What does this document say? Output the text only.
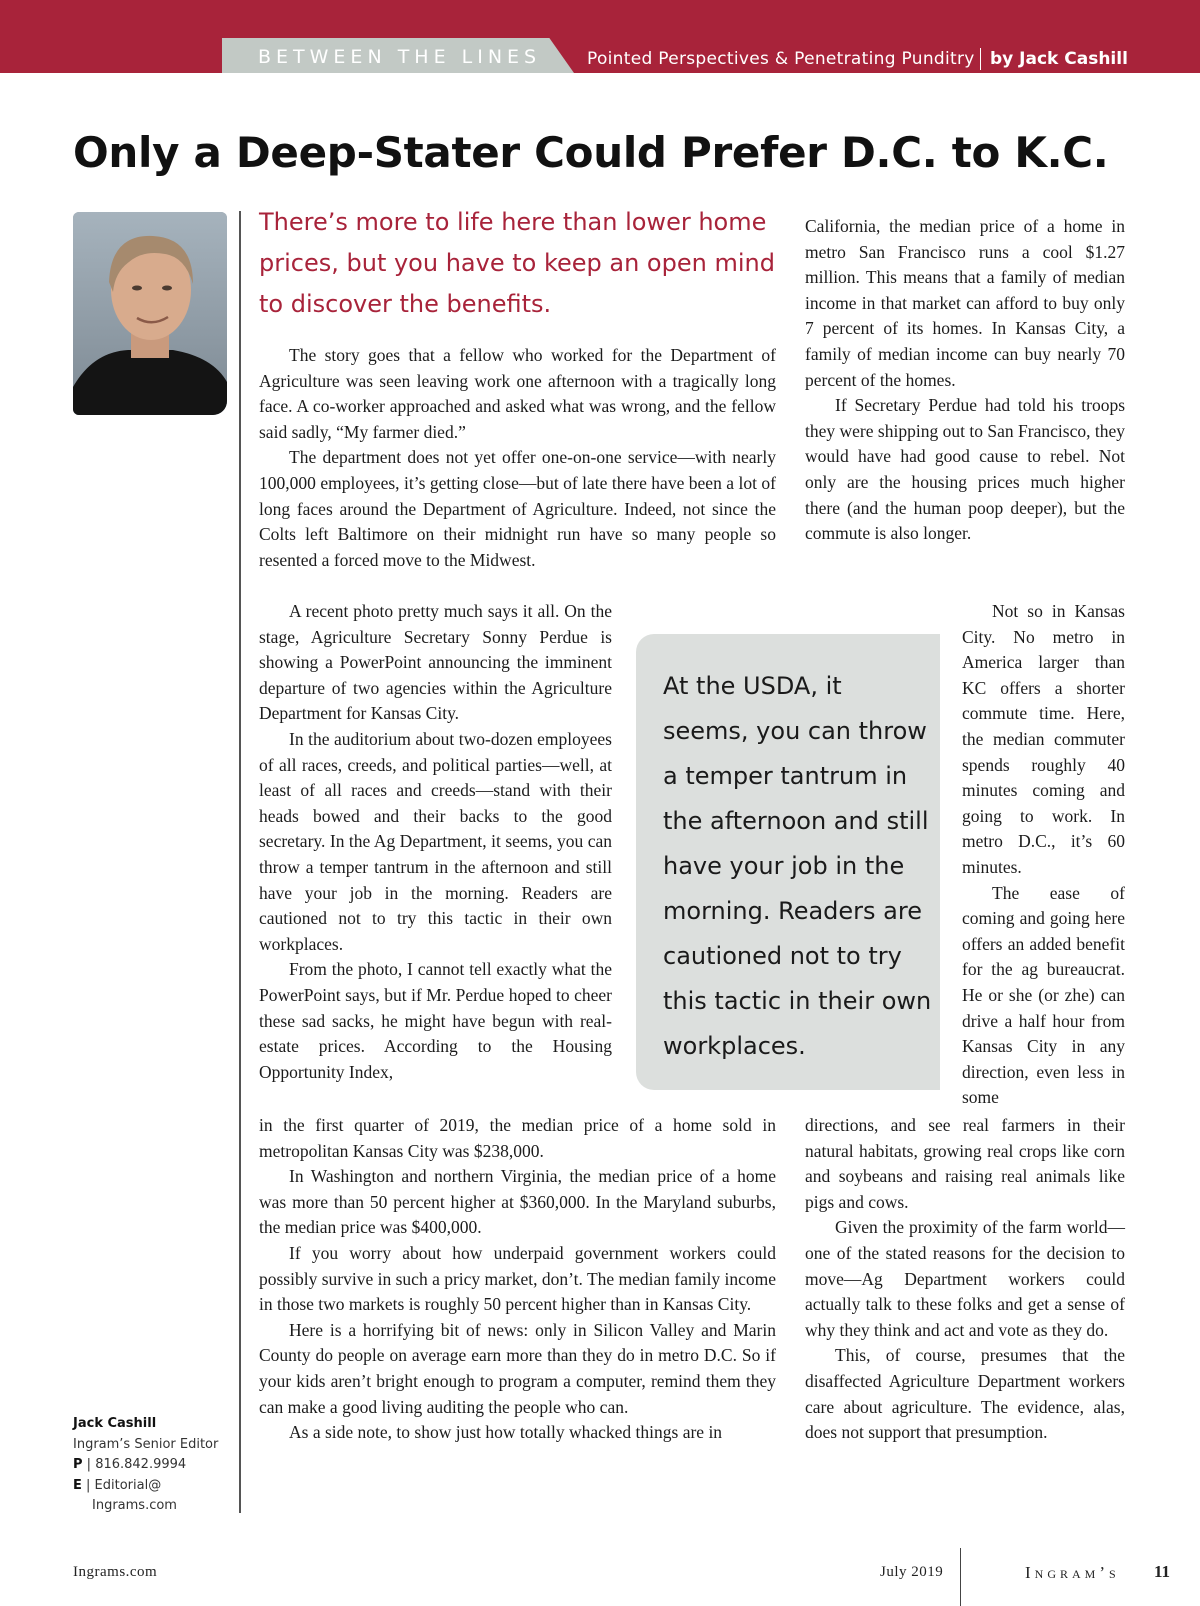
BETWEEN THE LINES	Pointed Perspectives & Penetrating Punditry by Jack Cashill
Only a Deep-Stater Could Prefer D.C. to K.C.
There’s more to life here than lower home prices, but you have to keep an open mind to discover the benefits.

The story goes that a fellow who worked for the Department of Agriculture was seen leaving work one afternoon with a tragically long face. A co-worker approached and asked what was wrong, and the fellow said sadly, “My farmer died.”

The department does not yet offer one-on-one service—with nearly 100,000 employees, it’s getting close—but of late there have been a lot of long faces around the Department of Agriculture. Indeed, not since the Colts left Baltimore on their midnight run have so many people so resented a forced move to the Midwest.

A recent photo pretty much says it all. On the stage, Agriculture Secretary Sonny Perdue is showing a PowerPoint announcing the imminent departure of two agencies within the Agriculture Department for Kansas City.

In the auditorium about two-dozen employees of all races, creeds, and political parties—well, at least of all races and creeds—stand with their heads bowed and their backs to the good secretary. In the Ag Department, it seems, you can throw a temper tantrum in the afternoon and still have your job in the morning. Readers are cautioned not to try this tactic in their own workplaces.

From the photo, I cannot tell exactly what the PowerPoint says, but if Mr. Perdue hoped to cheer these sad sacks, he might have begun with real-estate prices. According to the Housing Opportunity Index,

in the first quarter of 2019, the median price of a home sold in metropolitan Kansas City was $238,000.

In Washington and northern Virginia, the median price of a home was more than 50 percent higher at $360,000. In the Maryland suburbs, the median price was $400,000.

If you worry about how underpaid government workers could possibly survive in such a pricy market, don’t. The median family income in those two markets is roughly 50 percent higher than in Kansas City.

Here is a horrifying bit of news: only in Silicon Valley and Marin County do people on average earn more than they do in metro D.C. So if your kids aren’t bright enough to program a computer, remind them they can make a good living auditing the people who can.

As a side note, to show just how totally whacked things are in

At the USDA, it seems, you can throw a temper tantrum in the afternoon and still have your job in the morning. Readers are cautioned not to try this tactic in their own workplaces.

California, the median price of a home in metro San Francisco runs a cool $1.27 million. This means that a family of median income in that market can afford to buy only 7 percent of its homes. In Kansas City, a family of median income can buy nearly 70 percent of the homes.

If Secretary Perdue had told his troops they were shipping out to San Francisco, they would have had good cause to rebel. Not only are the housing prices much higher there (and the human poop deeper), but the commute is also longer.

Not so in Kansas City. No metro in America larger than KC offers a shorter commute time. Here, the median commuter spends roughly 40 minutes coming and going to work. In metro D.C., it’s 60 minutes.

The ease of coming and going here offers an added benefit for the ag bureaucrat. He or she (or zhe) can drive a half hour from Kansas City in any direction, even less in some

directions, and see real farmers in their natural habitats, growing real crops like corn and soybeans and raising real animals like pigs and cows.

Given the proximity of the farm world—one of the stated reasons for the decision to move—Ag Department workers could actually talk to these folks and get a sense of why they think and act and vote as they do.

This, of course, presumes that the disaffected Agriculture Department workers care about agriculture. The evidence, alas, does not support that presumption.

Jack Cashill
Ingram’s Senior Editor
P | 816.842.9994
E | Editorial@
Ingrams.com
Ingrams.com	July 2019	Ingram’s 11
